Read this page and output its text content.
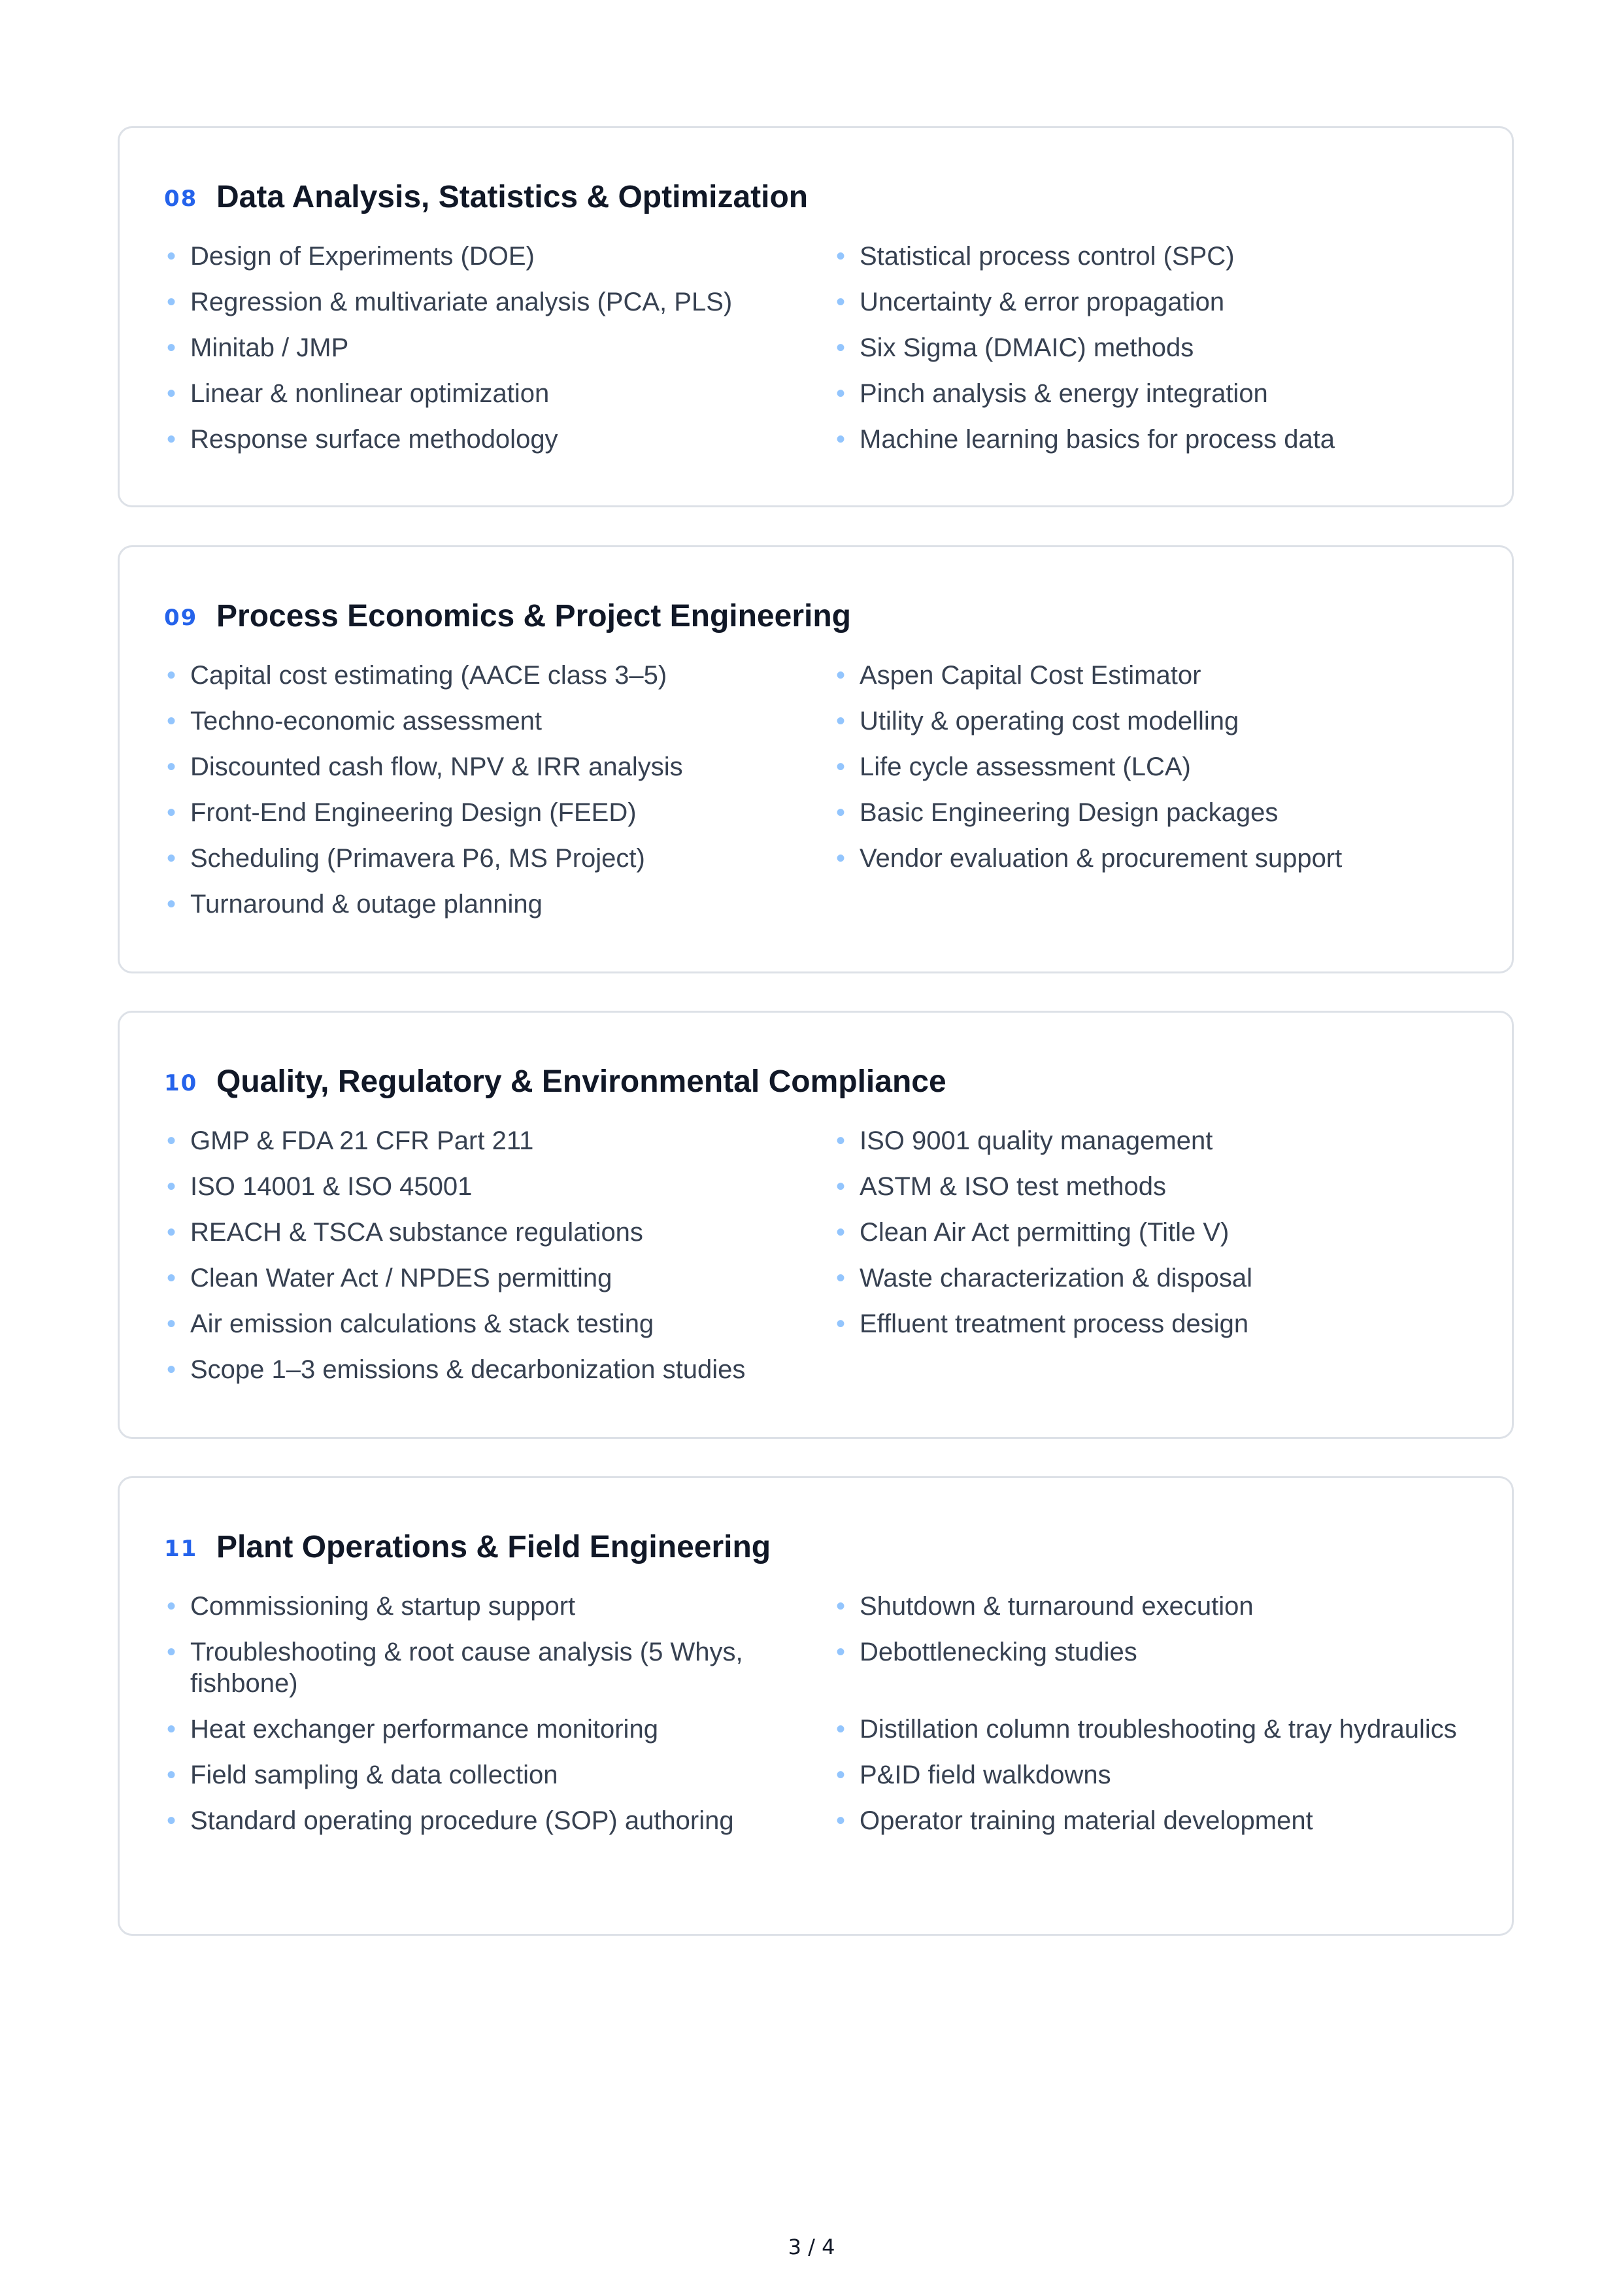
08 Data Analysis, Statistics & Optimization
• Design of Experiments (DOE)	• Statistical process control (SPC)
• Regression & multivariate analysis (PCA, PLS)	• Uncertainty & error propagation
• Minitab / JMP	• Six Sigma (DMAIC) methods
• Linear & nonlinear optimization	• Pinch analysis & energy integration
• Response surface methodology	• Machine learning basics for process data
09 Process Economics & Project Engineering
• Capital cost estimating (AACE class 3–5)	• Aspen Capital Cost Estimator
• Techno-economic assessment	• Utility & operating cost modelling
• Discounted cash flow, NPV & IRR analysis	• Life cycle assessment (LCA)
• Front-End Engineering Design (FEED)	• Basic Engineering Design packages
• Scheduling (Primavera P6, MS Project)	• Vendor evaluation & procurement support
• Turnaround & outage planning
10 Quality, Regulatory & Environmental Compliance
• GMP & FDA 21 CFR Part 211	• ISO 9001 quality management
• ISO 14001 & ISO 45001	• ASTM & ISO test methods
• REACH & TSCA substance regulations	• Clean Air Act permitting (Title V)
• Clean Water Act / NPDES permitting	• Waste characterization & disposal
• Air emission calculations & stack testing	• Effluent treatment process design
• Scope 1–3 emissions & decarbonization studies
11 Plant Operations & Field Engineering
• Commissioning & startup support	• Shutdown & turnaround execution
• Troubleshooting & root cause analysis (5 Whys, fishbone)
• Debottlenecking studies
• Heat exchanger performance monitoring	• Distillation column troubleshooting & tray hydraulics
• Field sampling & data collection	• P&ID field walkdowns
• Standard operating procedure (SOP) authoring	• Operator training material development
3 / 4
